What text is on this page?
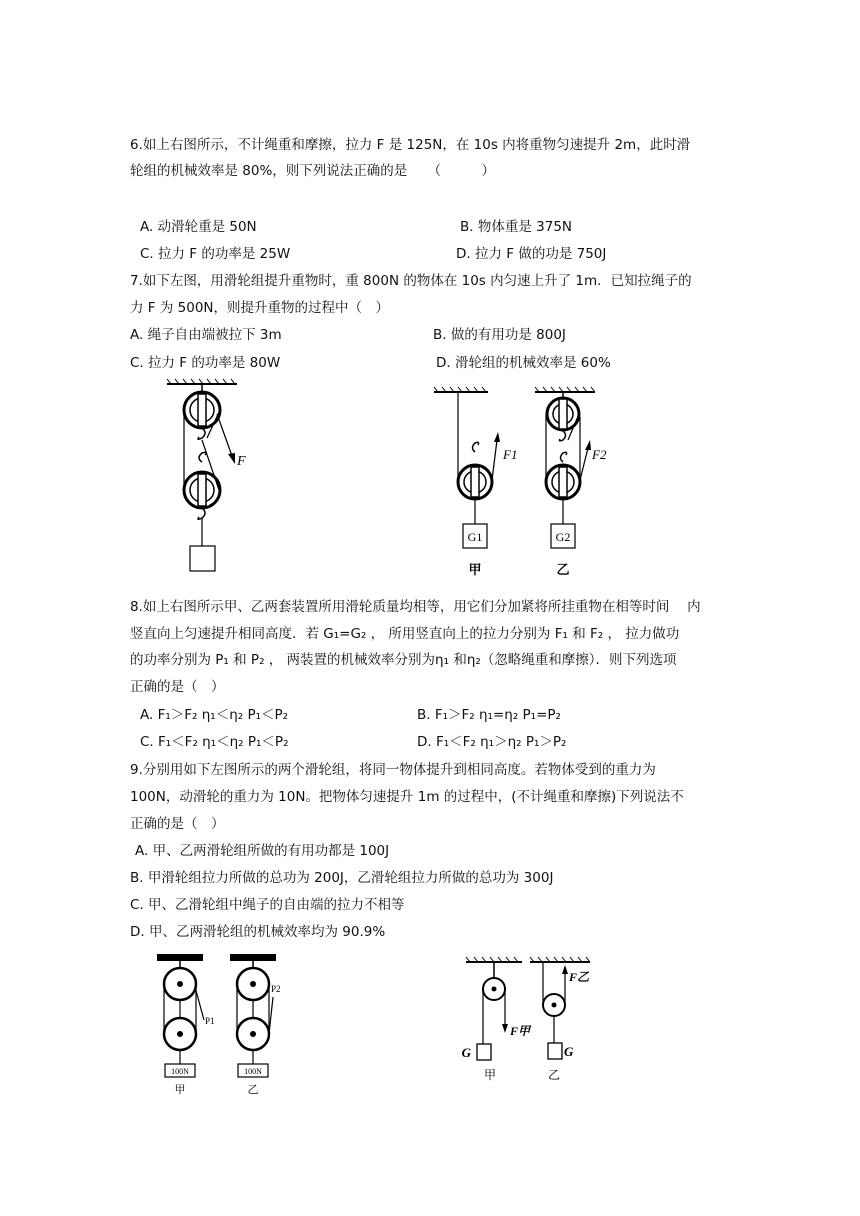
6.如上右图所示，不计绳重和摩擦，拉力 F 是 125N，在 10s 内将重物匀速提升 2m，此时滑
轮组的机械效率是 80%，则下列说法正确的是　　（　　　）
A. 动滑轮重是 50N	B. 物体重是 375N
C. 拉力 F 的功率是 25W	D. 拉力 F 做的功是 750J
7.如下左图，用滑轮组提升重物时，重 800N 的物体在 10s 内匀速上升了 1m．已知拉绳子的
力 F 为 500N，则提升重物的过程中（　）
A. 绳子自由端被拉下 3m	B. 做的有用功是 800J
C. 拉力 F 的功率是 80W	D. 滑轮组的机械效率是 60%
F	F1
G1
甲
F2
G2
乙
8.如上右图所示甲、乙两套装置所用滑轮质量均相等，用它们分加紧将所挂重物在相等时间　 内
竖直向上匀速提升相同高度．若 G₁=G₂ ， 所用竖直向上的拉力分别为 F₁ 和 F₂ ， 拉力做功
的功率分别为 P₁ 和 P₂ ， 两装置的机械效率分别为η₁ 和η₂（忽略绳重和摩擦）．则下列选项
正确的是（　）
A. F₁＞F₂ η₁＜η₂ P₁＜P₂	B. F₁＞F₂ η₁=η₂ P₁=P₂
C. F₁＜F₂ η₁＜η₂ P₁＜P₂	D. F₁＜F₂ η₁＞η₂ P₁＞P₂
9.分别用如下左图所示的两个滑轮组，将同一物体提升到相同高度。若物体受到的重力为
100N，动滑轮的重力为 10N。把物体匀速提升 1m 的过程中，(不计绳重和摩擦)下列说法不
正确的是（　）
A. 甲、乙两滑轮组所做的有用功都是 100J
B. 甲滑轮组拉力所做的总功为 200J，乙滑轮组拉力所做的总功为 300J
C. 甲、乙滑轮组中绳子的自由端的拉力不相等
D. 甲、乙两滑轮组的机械效率均为 90.9%
P1
100N
甲
P2
100N
乙
F甲
G
甲
F乙
G
乙
